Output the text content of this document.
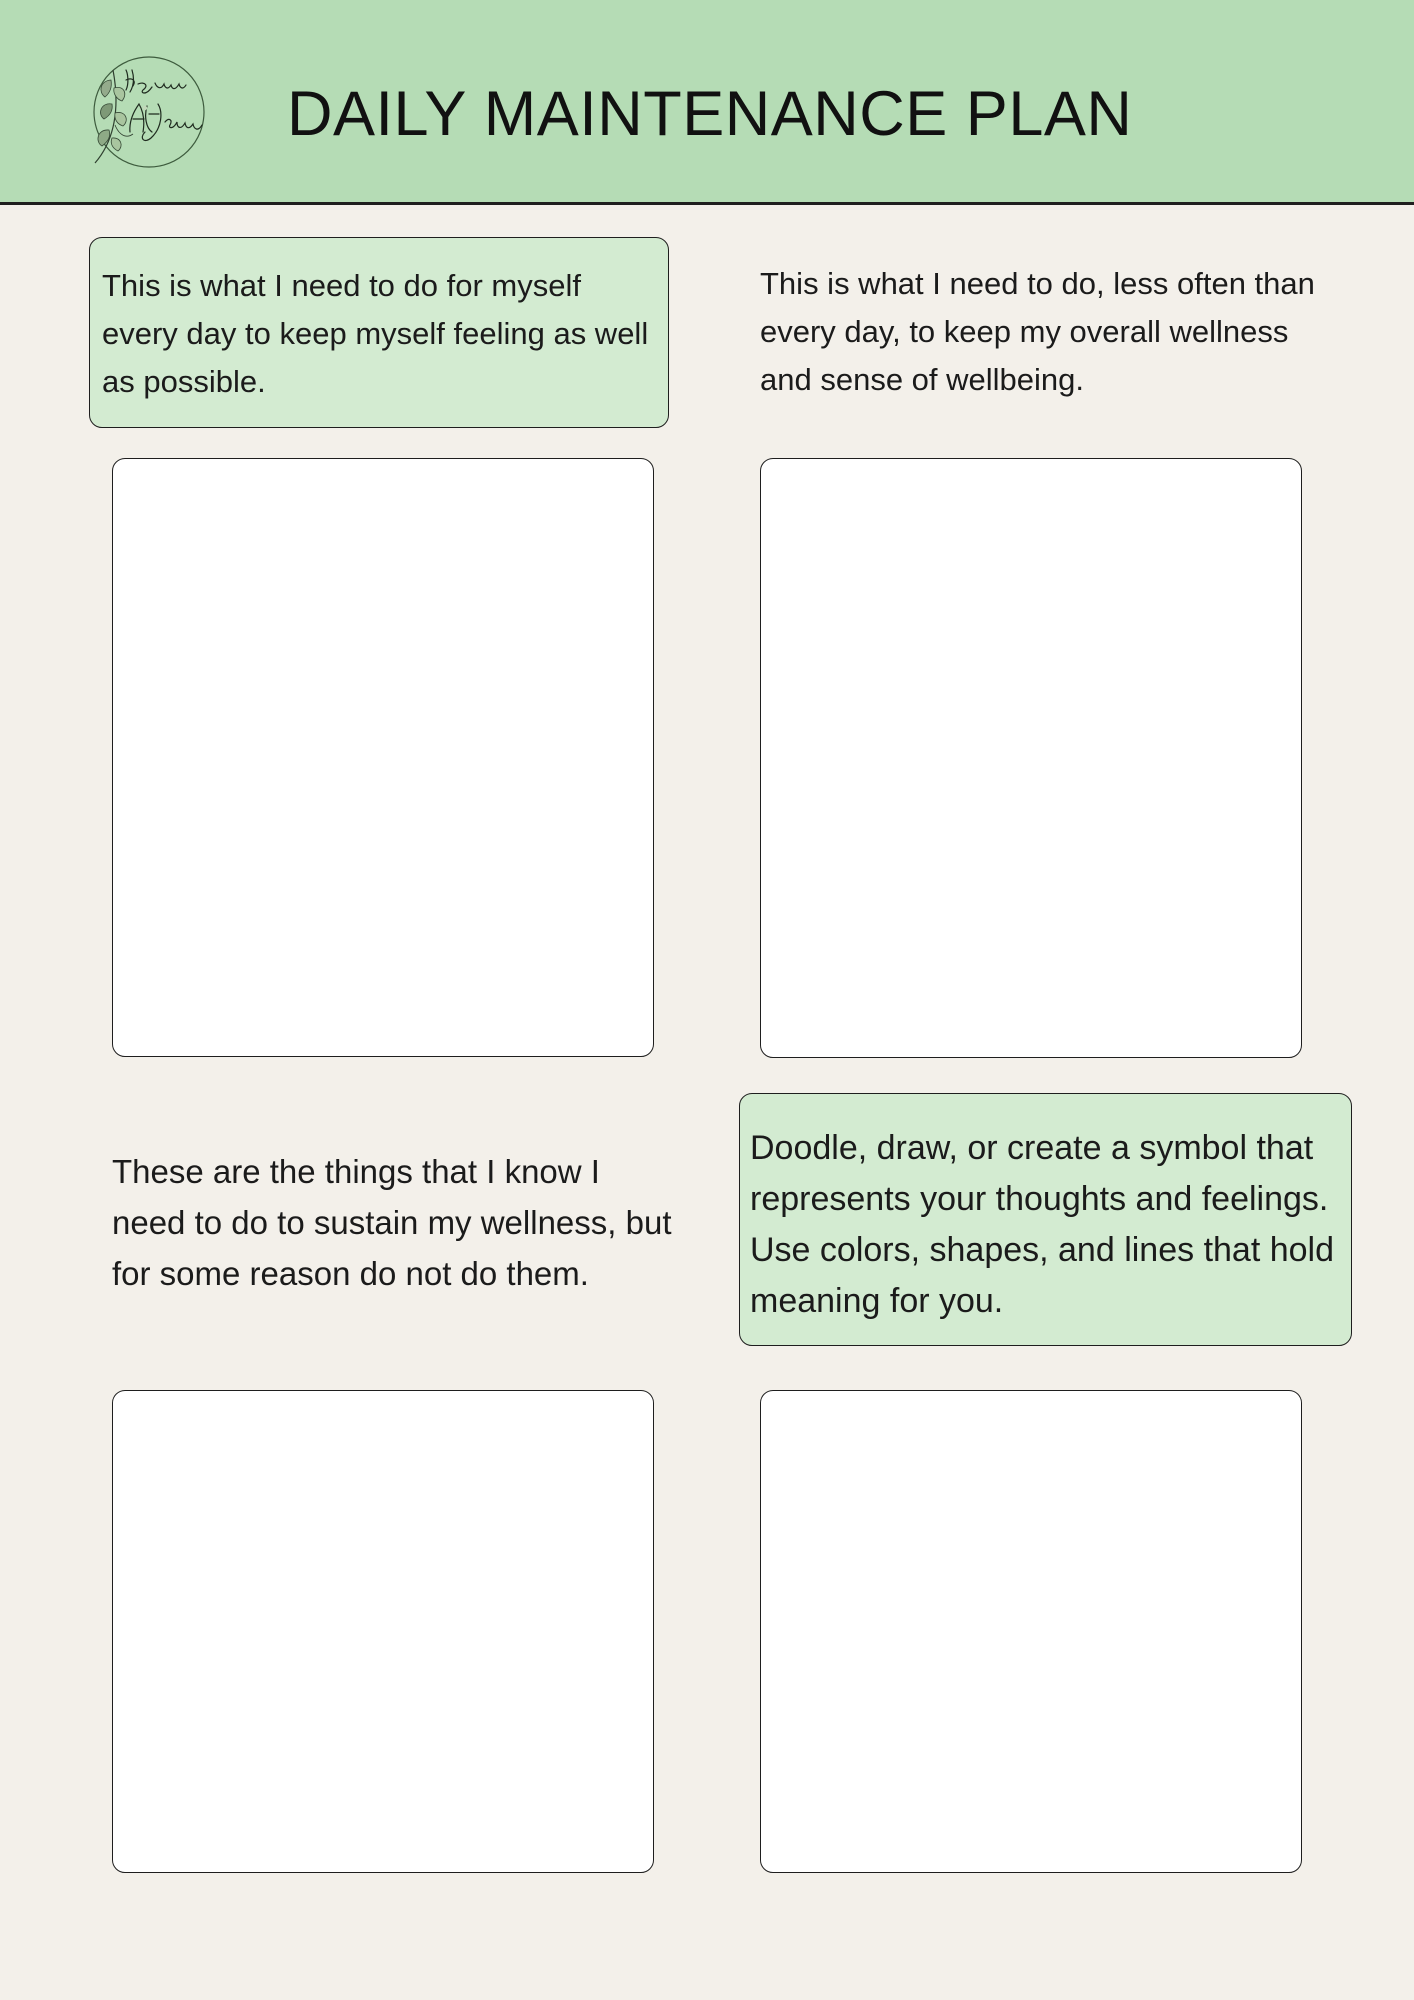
DAILY MAINTENANCE PLAN
This is what I need to do for myself every day to keep myself feeling as well as possible.
This is what I need to do, less often than every day, to keep my overall wellness and sense of wellbeing.
These are the things that I know I need to do to sustain my wellness, but for some reason do not do them.
Doodle, draw, or create a symbol that represents your thoughts and feelings. Use colors, shapes, and lines that hold meaning for you.
